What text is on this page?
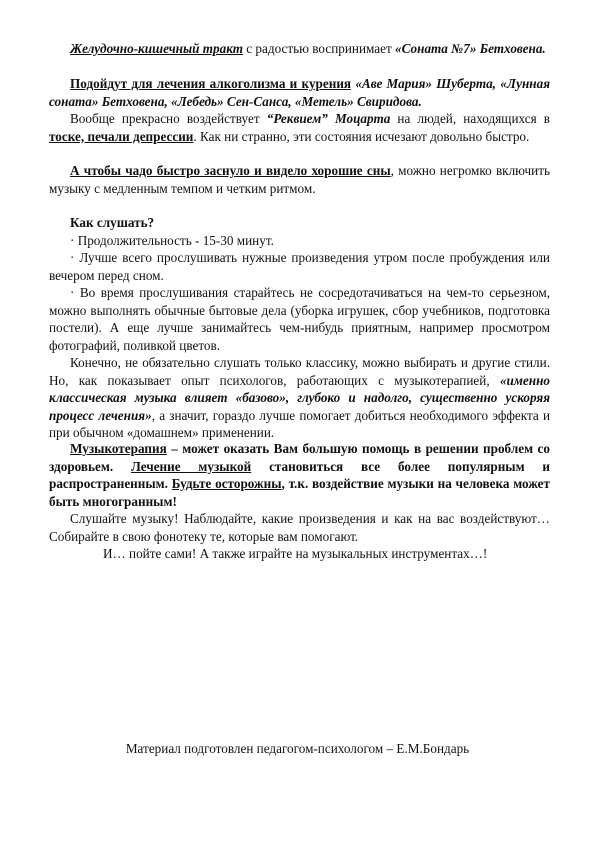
Желудочно-кишечный тракт с радостью воспринимает «Соната №7» Бетховена.

Подойдут для лечения алкоголизма и курения «Аве Мария» Шуберта, «Лунная соната» Бетховена, «Лебедь» Сен-Санса, «Метель» Свиридова.

Вообще прекрасно воздействует “Реквием” Моцарта на людей, находящихся в тоске, печали депрессии. Как ни странно, эти состояния исчезают довольно быстро.

А чтобы чадо быстро заснуло и видело хорошие сны, можно негромко включить музыку с медленным темпом и четким ритмом.

Как слушать?

· Продолжительность - 15-30 минут.

· Лучше всего прослушивать нужные произведения утром после пробуждения или вечером перед сном.

· Во время прослушивания старайтесь не сосредотачиваться на чем-то серьезном, можно выполнять обычные бытовые дела (уборка игрушек, сбор учебников, подготовка постели). А еще лучше занимайтесь чем-нибудь приятным, например просмотром фотографий, поливкой цветов.

Конечно, не обязательно слушать только классику, можно выбирать и другие стили. Но, как показывает опыт психологов, работающих с музыкотерапией, «именно классическая музыка влияет «базово», глубоко и надолго, существенно ускоряя процесс лечения», а значит, гораздо лучше помогает добиться необходимого эффекта и при обычном «домашнем» применении.

Музыкотерапия – может оказать Вам большую помощь в решении проблем со здоровьем. Лечение музыкой становиться все более популярным и распространенным. Будьте осторожны, т.к. воздействие музыки на человека может быть многогранным!

Слушайте музыку! Наблюдайте, какие произведения и как на вас воздействуют… Собирайте в свою фонотеку те, которые вам помогают.

И… пойте сами! А также играйте на музыкальных инструментах…!

Материал подготовлен педагогом-психологом – Е.М.Бондарь
